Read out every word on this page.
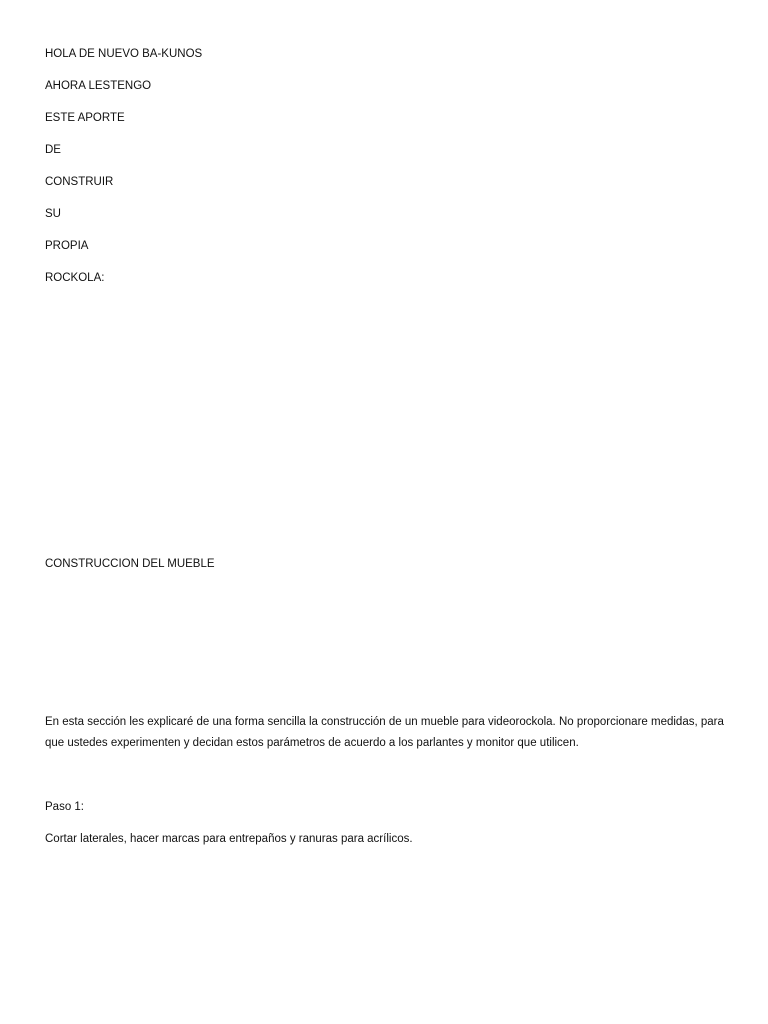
HOLA DE NUEVO BA-KUNOS

AHORA LESTENGO

ESTE APORTE

DE

CONSTRUIR

SU

PROPIA

ROCKOLA:

CONSTRUCCION DEL MUEBLE

En esta sección les explicaré de una forma sencilla la construcción de un mueble para videorockola. No proporcionare medidas, para que ustedes experimenten y decidan estos parámetros de acuerdo a los parlantes y monitor que utilicen.

Paso 1:

Cortar laterales, hacer marcas para entrepaños y ranuras para acrílicos.
